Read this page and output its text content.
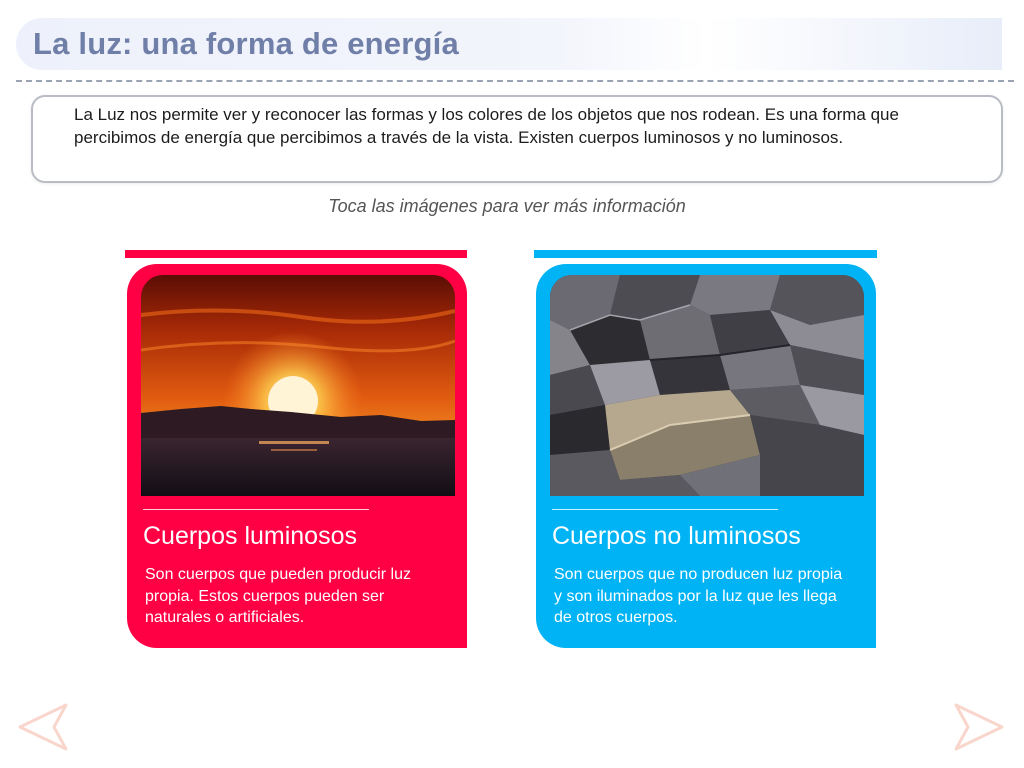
La luz: una forma de energía
La Luz nos permite ver y reconocer las formas y los colores de los objetos que nos rodean. Es una forma que percibimos de energía que percibimos a través de la vista. Existen cuerpos luminosos y no luminosos.
Toca las imágenes para ver más información
Cuerpos luminosos
Son cuerpos que pueden producir luz propia. Estos cuerpos pueden ser naturales o artificiales.
Cuerpos no luminosos
Son cuerpos que no producen luz propia y son iluminados por la luz que les llega de otros cuerpos.
